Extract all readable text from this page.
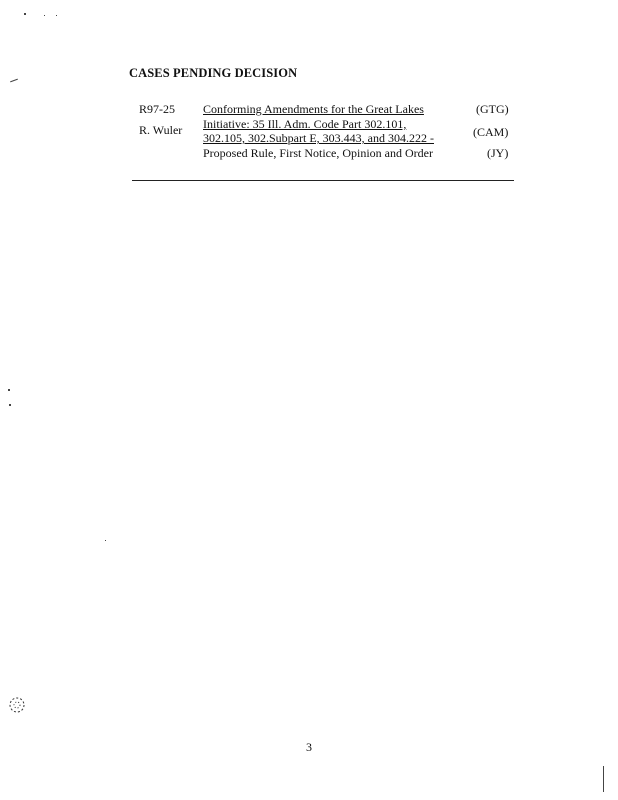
CASES PENDING DECISION
R97-25
R. Wuler
Conforming Amendments for the Great Lakes
Initiative: 35 Ill. Adm. Code Part 302.101,
302.105, 302.Subpart E, 303.443, and 304.222 -
Proposed Rule, First Notice, Opinion and Order
(GTG)
(CAM)
(JY)
3
